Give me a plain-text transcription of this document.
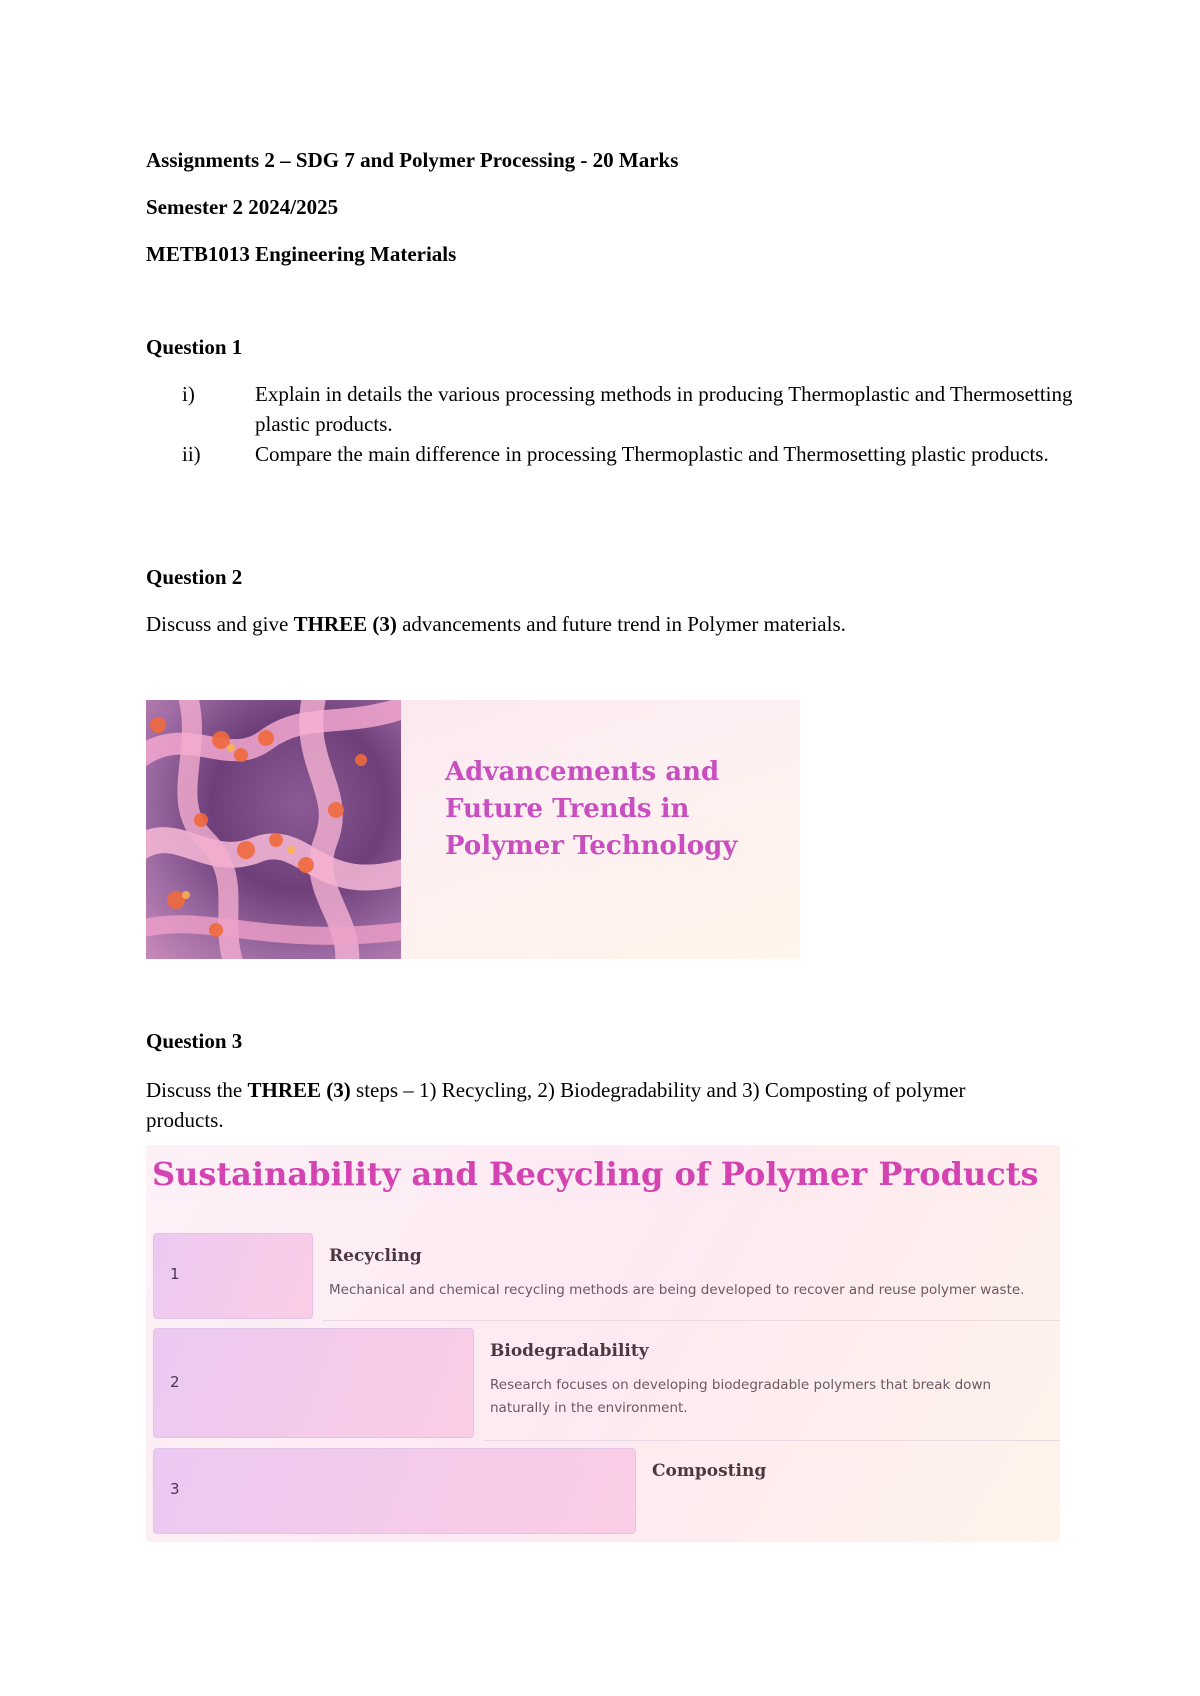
Assignments 2 – SDG 7 and Polymer Processing - 20 Marks
Semester 2 2024/2025
METB1013 Engineering Materials
Question 1
i)	Explain in details the various processing methods in producing Thermoplastic and Thermosetting plastic products.
ii)	Compare the main difference in processing Thermoplastic and Thermosetting plastic products.
Question 2
Discuss and give THREE (3) advancements and future trend in Polymer materials.
Advancements and Future Trends in Polymer Technology
Question 3
Discuss the THREE (3) steps – 1) Recycling, 2) Biodegradability and 3) Composting of polymer products.
Sustainability and Recycling of Polymer Products
1
Recycling
Mechanical and chemical recycling methods are being developed to recover and reuse polymer waste.
2
Biodegradability
Research focuses on developing biodegradable polymers that break down naturally in the environment.
3
Composting
